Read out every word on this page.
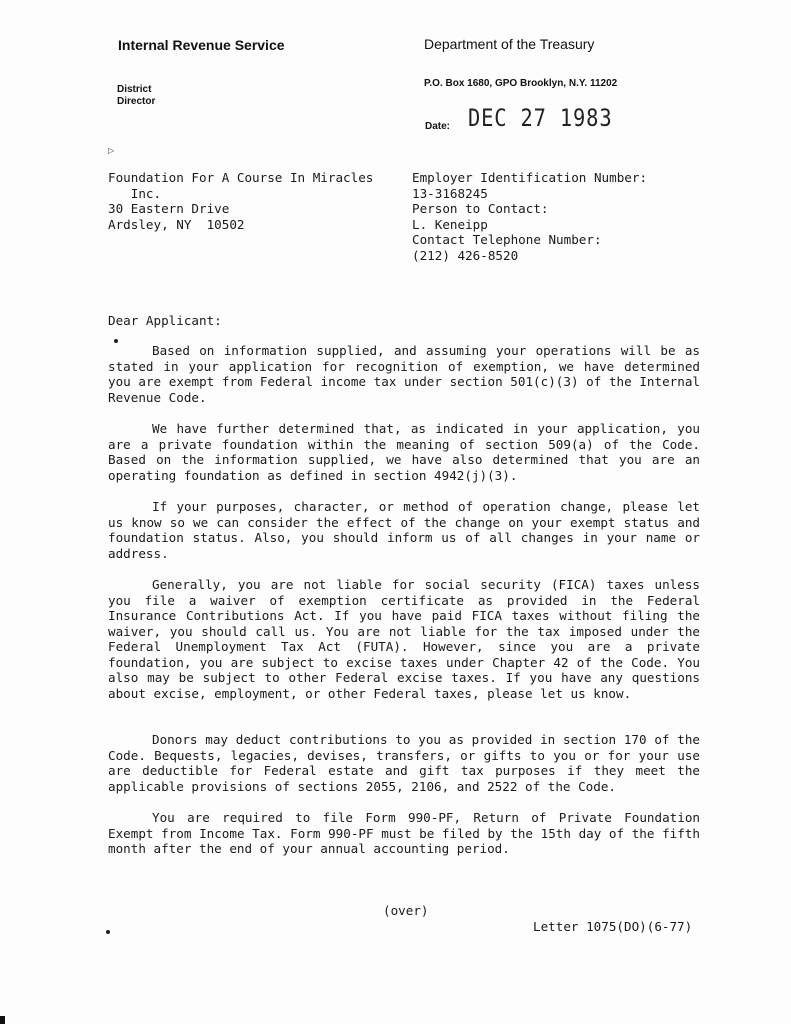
Internal Revenue Service	Department of the Treasury
District
Director
P.O. Box 1680, GPO Brooklyn, N.Y. 11202
Date: DEC 27 1983
▷
Foundation For A Course In Miracles
Inc.
30 Eastern Drive
Ardsley, NY  10502
Employer Identification Number:
13-3168245
Person to Contact:
L. Keneipp
Contact Telephone Number:
(212) 426-8520
Dear Applicant:

Based on information supplied, and assuming your operations will be as stated in your application for recognition of exemption, we have determined you are exempt from Federal income tax under section 501(c)(3) of the Internal Revenue Code.

We have further determined that, as indicated in your application, you are a private foundation within the meaning of section 509(a) of the Code. Based on the information supplied, we have also determined that you are an operating foundation as defined in section 4942(j)(3).

If your purposes, character, or method of operation change, please let us know so we can consider the effect of the change on your exempt status and foundation status. Also, you should inform us of all changes in your name or address.

Generally, you are not liable for social security (FICA) taxes unless you file a waiver of exemption certificate as provided in the Federal Insurance Contributions Act. If you have paid FICA taxes without filing the waiver, you should call us. You are not liable for the tax imposed under the Federal Unemployment Tax Act (FUTA). However, since you are a private foundation, you are subject to excise taxes under Chapter 42 of the Code. You also may be subject to other Federal excise taxes. If you have any questions about excise, employment, or other Federal taxes, please let us know.

Donors may deduct contributions to you as provided in section 170 of the Code. Bequests, legacies, devises, transfers, or gifts to you or for your use are deductible for Federal estate and gift tax purposes if they meet the applicable provisions of sections 2055, 2106, and 2522 of the Code.

You are required to file Form 990-PF, Return of Private Foundation Exempt from Income Tax. Form 990-PF must be filed by the 15th day of the fifth month after the end of your annual accounting period.

(over)
Letter 1075(DO)(6-77)
